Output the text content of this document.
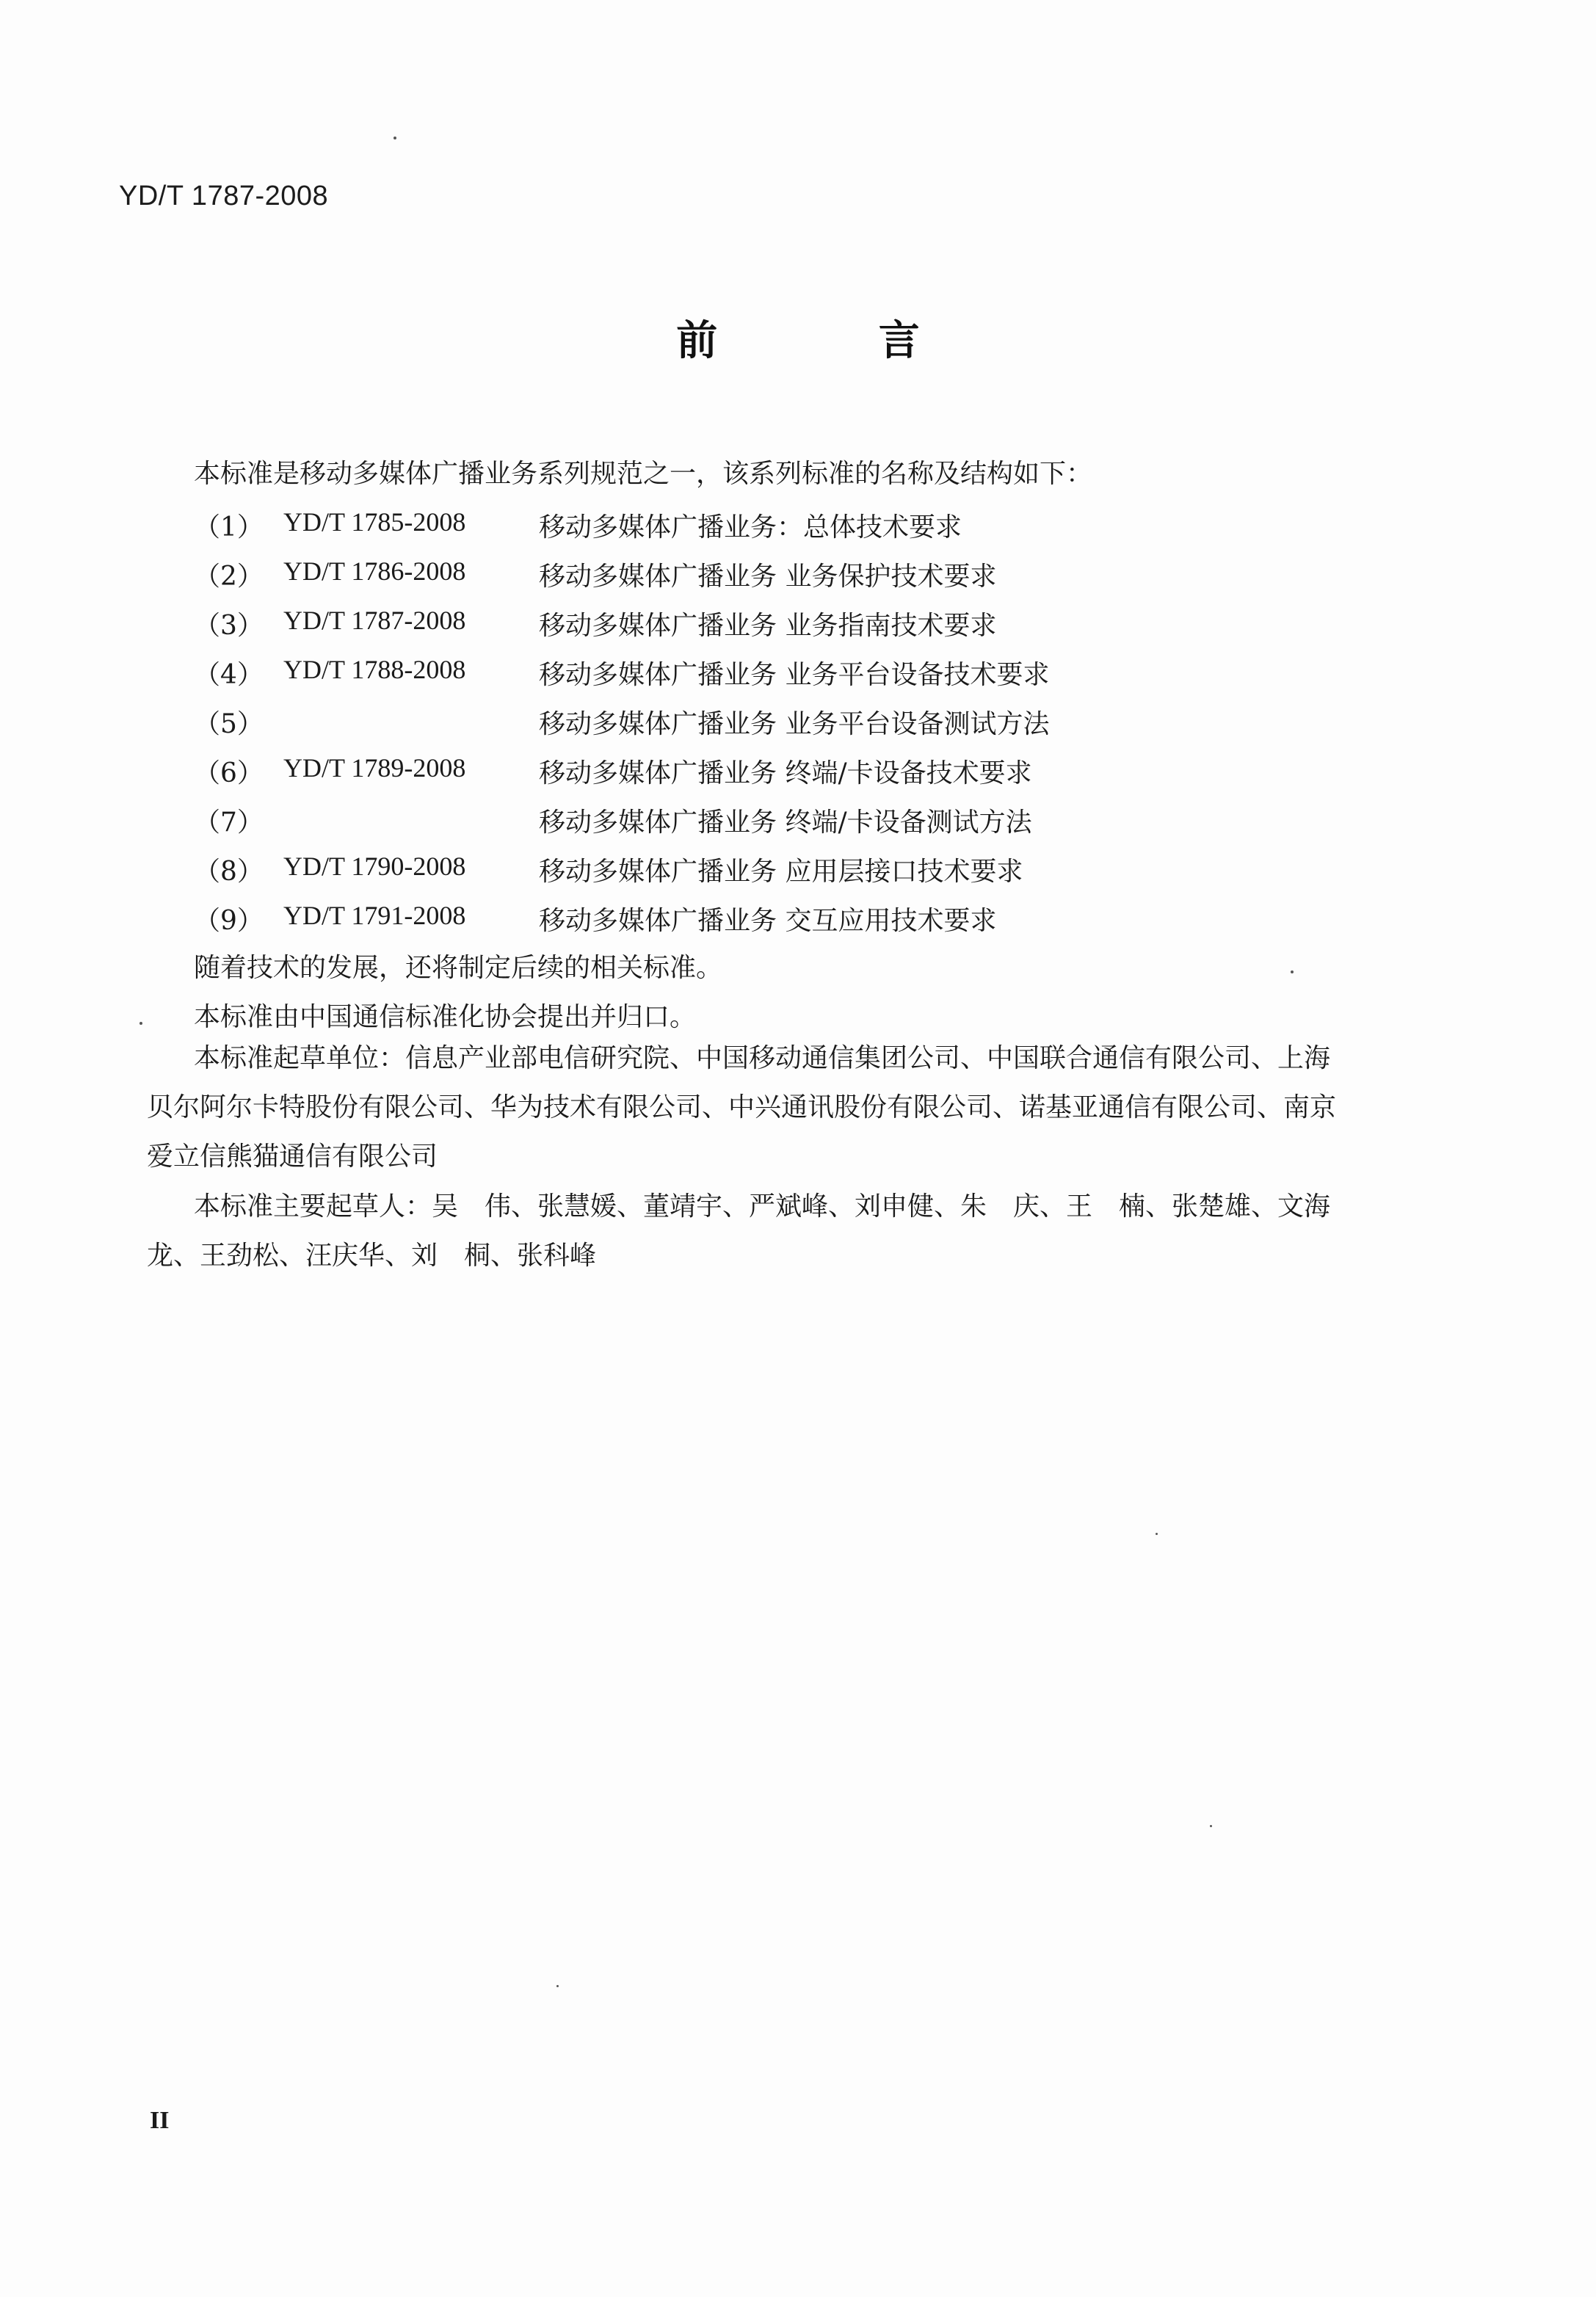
YD/T 1787-2008
前 言
本标准是移动多媒体广播业务系列规范之一，该系列标准的名称及结构如下：
（1） YD/T 1785-2008	移动多媒体广播业务：总体技术要求
（2） YD/T 1786-2008	移动多媒体广播业务 业务保护技术要求
（3） YD/T 1787-2008	移动多媒体广播业务 业务指南技术要求
（4） YD/T 1788-2008	移动多媒体广播业务 业务平台设备技术要求
（5）	移动多媒体广播业务 业务平台设备测试方法
（6） YD/T 1789-2008	移动多媒体广播业务 终端/卡设备技术要求
（7）	移动多媒体广播业务 终端/卡设备测试方法
（8） YD/T 1790-2008	移动多媒体广播业务 应用层接口技术要求
（9） YD/T 1791-2008	移动多媒体广播业务 交互应用技术要求
随着技术的发展，还将制定后续的相关标准。
本标准由中国通信标准化协会提出并归口。
本标准起草单位：信息产业部电信研究院、中国移动通信集团公司、中国联合通信有限公司、上海
贝尔阿尔卡特股份有限公司、华为技术有限公司、中兴通讯股份有限公司、诺基亚通信有限公司、南京
爱立信熊猫通信有限公司
本标准主要起草人：吴　伟、张慧媛、董靖宇、严斌峰、刘申健、朱　庆、王　楠、张楚雄、文海
龙、王劲松、汪庆华、刘　桐、张科峰
II
